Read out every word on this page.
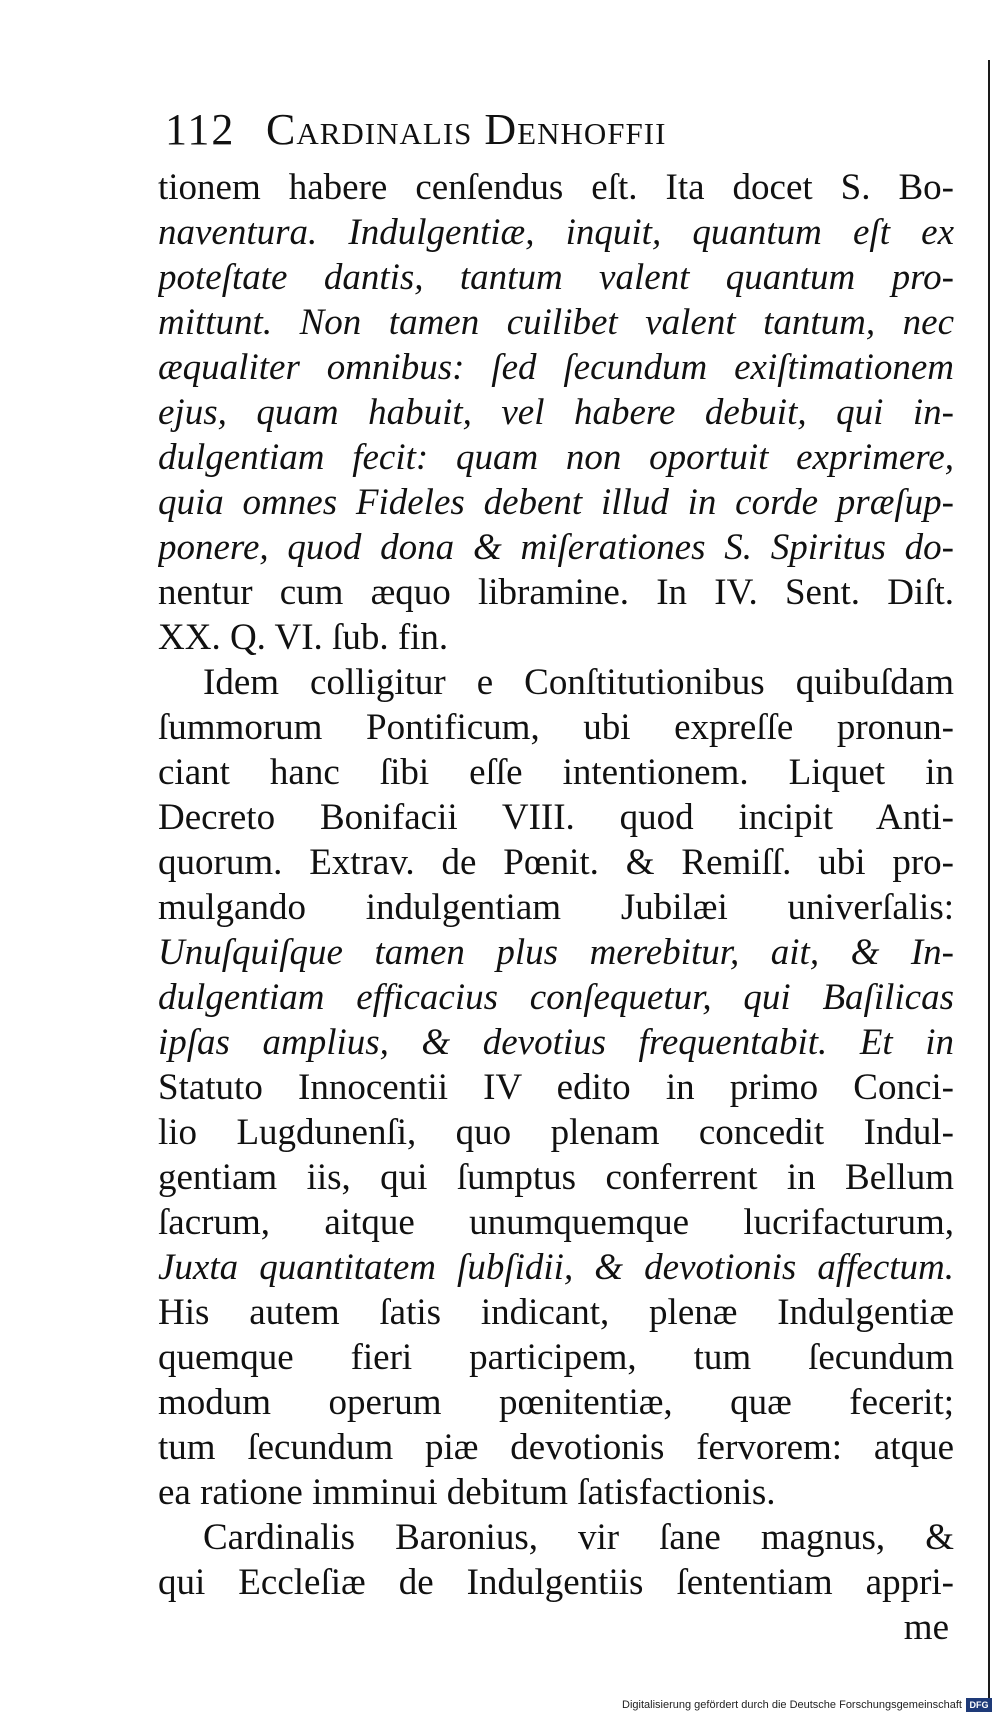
112 Cardinalis Denhoffii
tionem habere cenſendus eſt. Ita docet S. Bo-
naventura. Indulgentiæ, inquit, quantum eſt ex
poteſtate dantis, tantum valent quantum pro-
mittunt. Non tamen cuilibet valent tantum, nec
æqualiter omnibus: ſed ſecundum exiſtimationem
ejus, quam habuit, vel habere debuit, qui in-
dulgentiam fecit: quam non oportuit exprimere,
quia omnes Fideles debent illud in corde præſup-
ponere, quod dona & miſerationes S. Spiritus do-
nentur cum æquo libramine. In IV. Sent. Diſt.
XX. Q. VI. ſub. fin.
Idem colligitur e Conſtitutionibus quibuſdam
ſummorum Pontificum, ubi expreſſe pronun-
ciant hanc ſibi eſſe intentionem. Liquet in
Decreto Bonifacii VIII. quod incipit Anti-
quorum. Extrav. de Pœnit. & Remiſſ. ubi pro-
mulgando indulgentiam Jubilæi univerſalis:
Unuſquiſque tamen plus merebitur, ait, & In-
dulgentiam efficacius conſequetur, qui Baſilicas
ipſas amplius, & devotius frequentabit. Et in
Statuto Innocentii IV edito in primo Conci-
lio Lugdunenſi, quo plenam concedit Indul-
gentiam iis, qui ſumptus conferrent in Bellum
ſacrum, aitque unumquemque lucrifacturum,
Juxta quantitatem ſubſidii, & devotionis affectum.
His autem ſatis indicant, plenæ Indulgentiæ
quemque fieri participem, tum ſecundum
modum operum pœnitentiæ, quæ fecerit;
tum ſecundum piæ devotionis fervorem: atque
ea ratione imminui debitum ſatisfactionis.
Cardinalis Baronius, vir ſane magnus, &
qui Eccleſiæ de Indulgentiis ſententiam appri-
me
Digitalisierung gefördert durch die Deutsche Forschungsgemeinschaft DFG
